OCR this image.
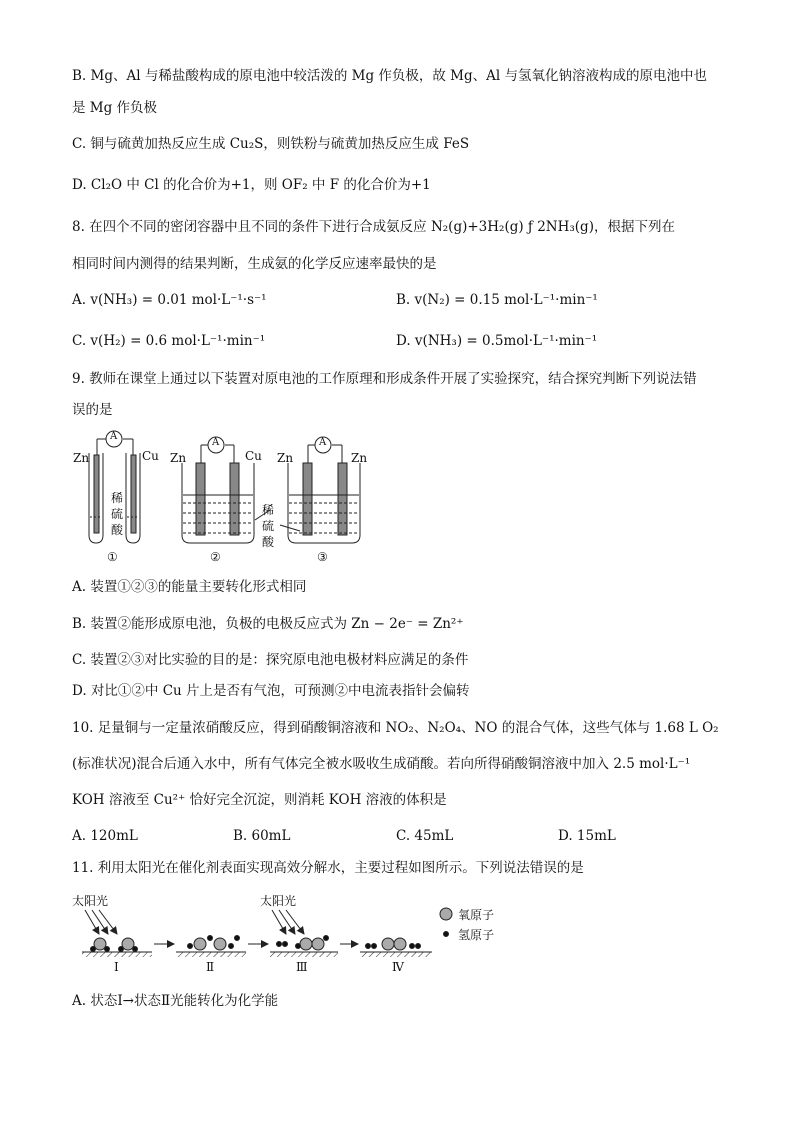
B. Mg、Al 与稀盐酸构成的原电池中较活泼的 Mg 作负极，故 Mg、Al 与氢氧化钠溶液构成的原电池中也
是 Mg 作负极
C. 铜与硫黄加热反应生成 Cu₂S，则铁粉与硫黄加热反应生成 FeS
D. Cl₂O 中 Cl 的化合价为+1，则 OF₂ 中 F 的化合价为+1
8. 在四个不同的密闭容器中且不同的条件下进行合成氨反应 N₂(g)+3H₂(g) ƒ 2NH₃(g)，根据下列在
相同时间内测得的结果判断，生成氨的化学反应速率最快的是
A. v(NH₃) = 0.01 mol·L⁻¹·s⁻¹	B. v(N₂) = 0.15 mol·L⁻¹·min⁻¹
C. v(H₂) = 0.6 mol·L⁻¹·min⁻¹	D. v(NH₃) = 0.5mol·L⁻¹·min⁻¹
9. 教师在课堂上通过以下装置对原电池的工作原理和形成条件开展了实验探究，结合探究判断下列说法错
误的是
A
A	A
Zn	Cu Zn	Cu Zn	Zn
稀
硫
酸
稀
硫
酸
①	②	③
A. 装置①②③的能量主要转化形式相同
B. 装置②能形成原电池，负极的电极反应式为 Zn − 2e⁻ = Zn²⁺
C. 装置②③对比实验的目的是：探究原电池电极材料应满足的条件
D. 对比①②中 Cu 片上是否有气泡，可预测②中电流表指针会偏转
10. 足量铜与一定量浓硝酸反应，得到硝酸铜溶液和 NO₂、N₂O₄、NO 的混合气体，这些气体与 1.68 L O₂
(标准状况)混合后通入水中，所有气体完全被水吸收生成硝酸。若向所得硝酸铜溶液中加入 2.5 mol·L⁻¹
KOH 溶液至 Cu²⁺ 恰好完全沉淀，则消耗 KOH 溶液的体积是
A. 120mL	B. 60mL	C. 45mL	D. 15mL
11. 利用太阳光在催化剂表面实现高效分解水，主要过程如图所示。下列说法错误的是
太阳光	太阳光
氧原子
氢原子
Ⅰ	Ⅱ	Ⅲ	Ⅳ
A. 状态Ⅰ→状态Ⅱ光能转化为化学能
